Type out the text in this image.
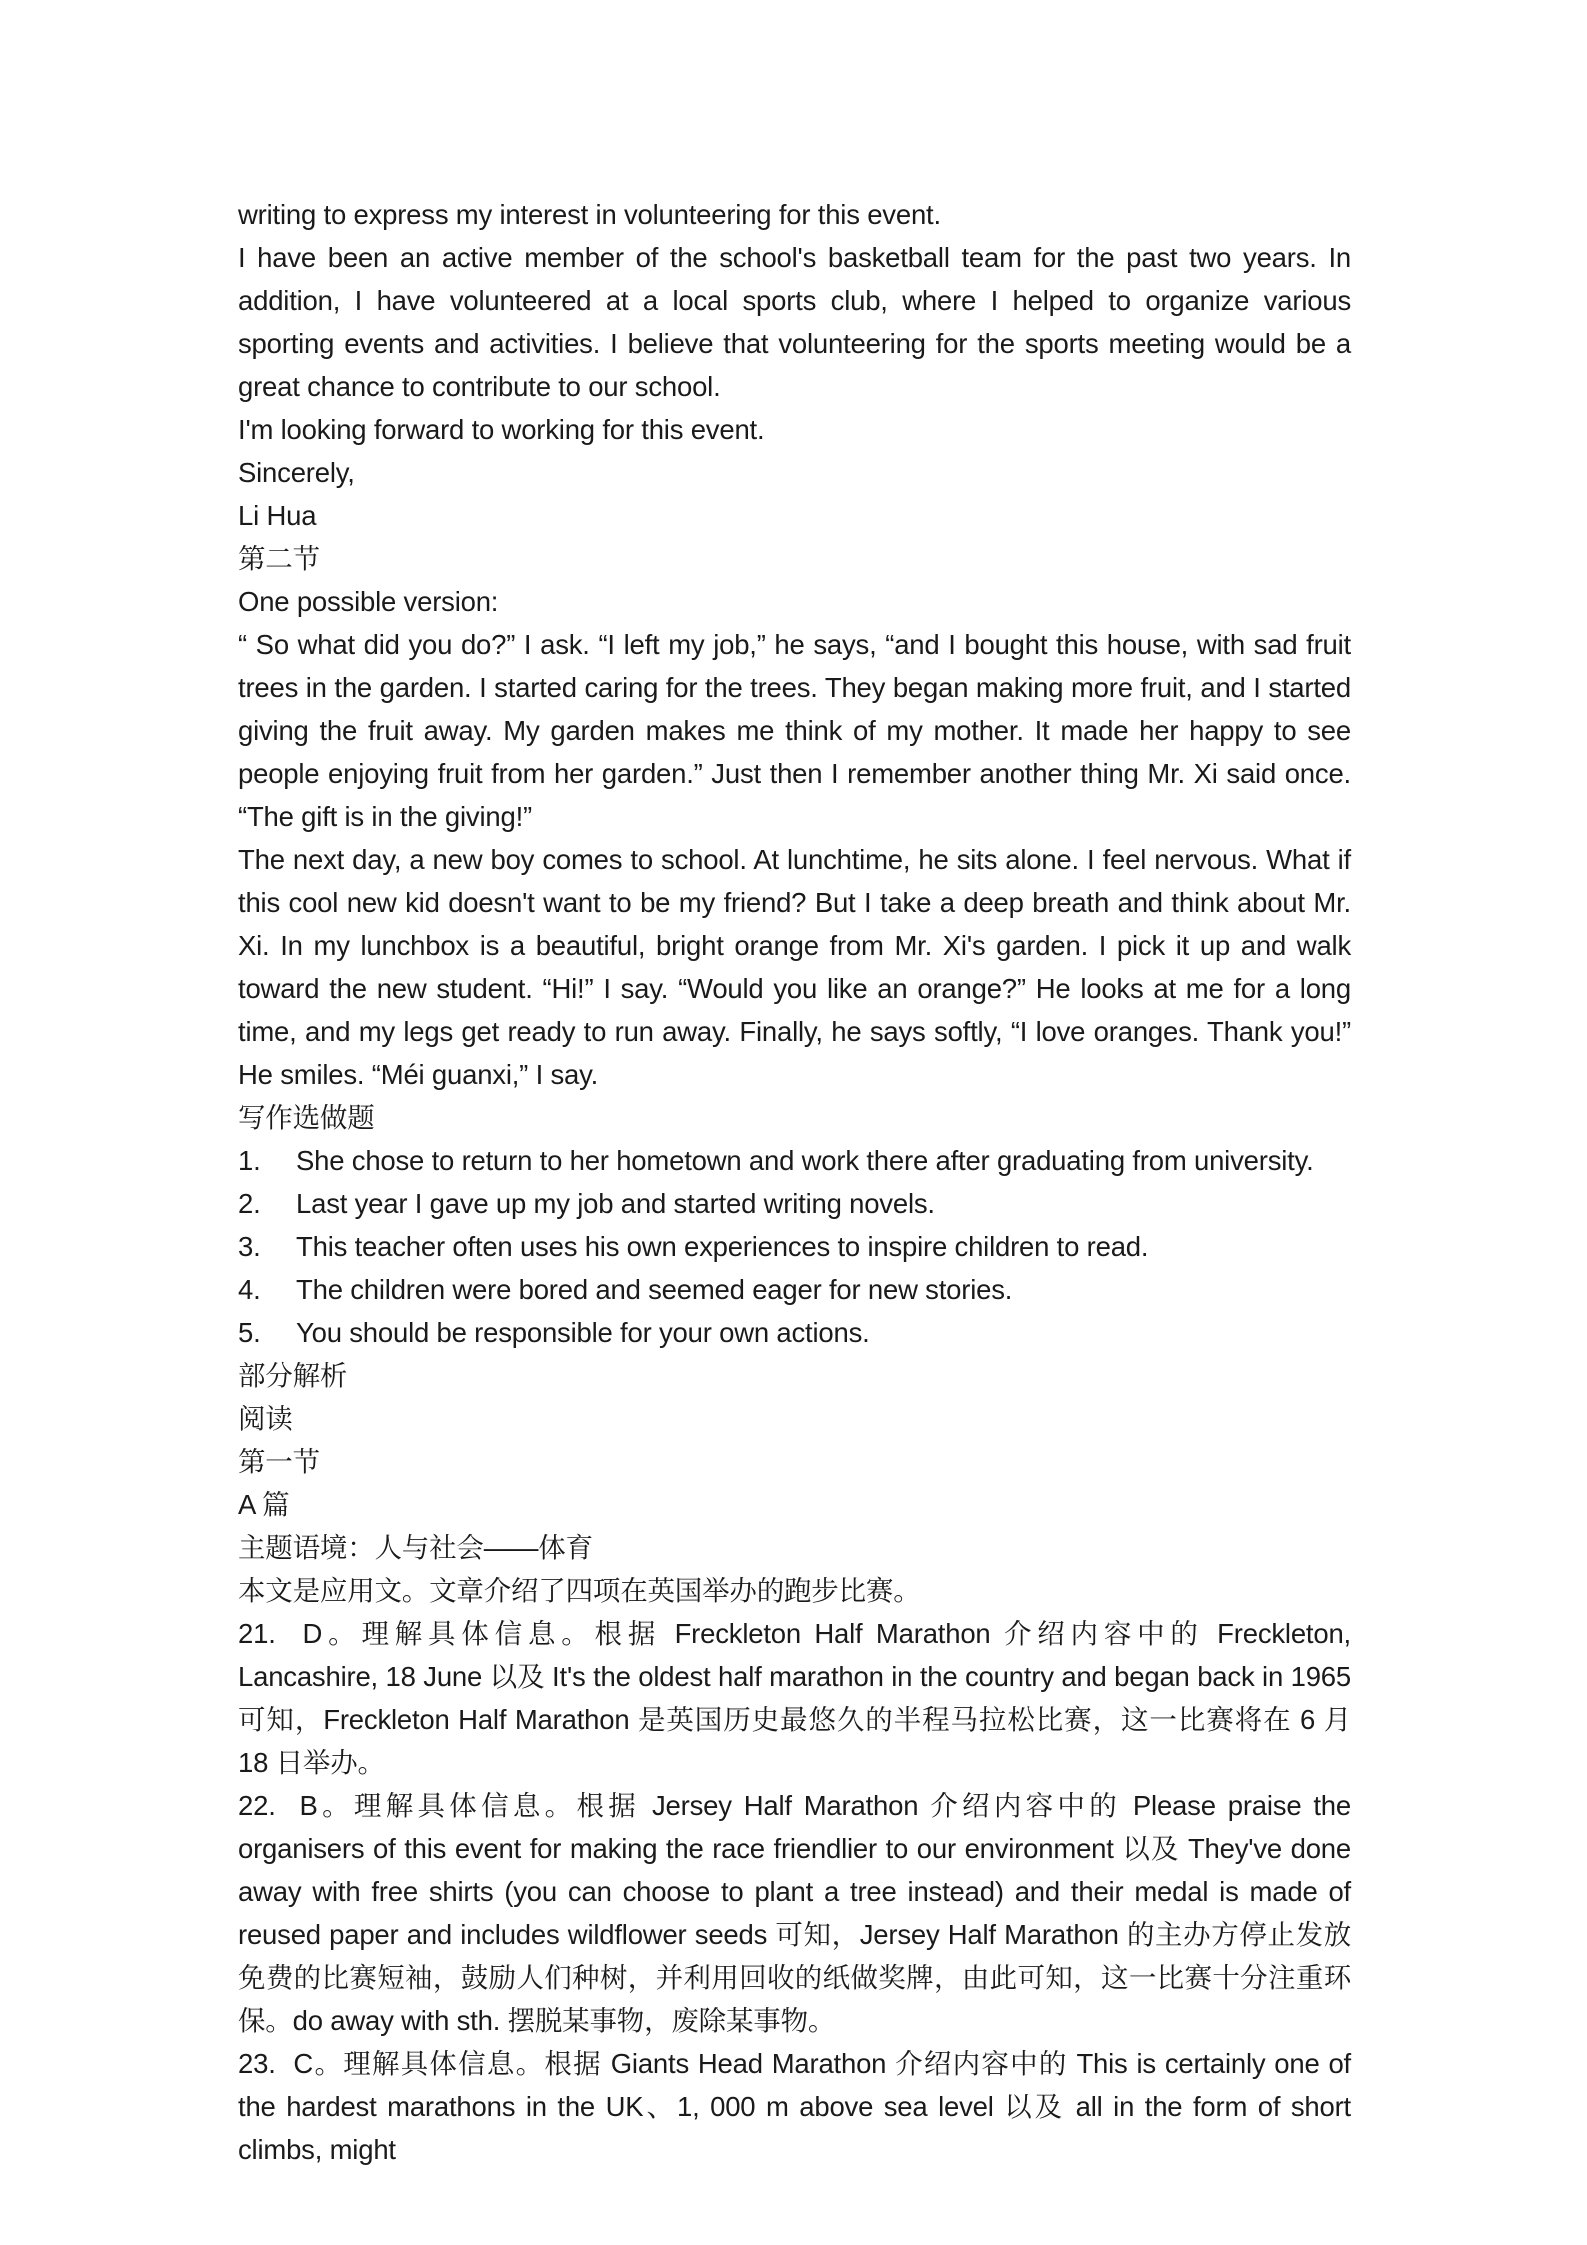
writing to express my interest in volunteering for this event.
I have been an active member of the school's basketball team for the past two years. In addition, I have volunteered at a local sports club, where I helped to organize various sporting events and activities. I believe that volunteering for the sports meeting would be a great chance to contribute to our school.
I'm looking forward to working for this event.
Sincerely,
Li Hua
第二节
One possible version:
“ So what did you do?” I ask. “I left my job,” he says, “and I bought this house, with sad fruit trees in the garden. I started caring for the trees. They began making more fruit, and I started giving the fruit away. My garden makes me think of my mother. It made her happy to see people enjoying fruit from her garden.” Just then I remember another thing Mr. Xi said once. “The gift is in the giving!”
The next day, a new boy comes to school. At lunchtime, he sits alone. I feel nervous. What if this cool new kid doesn't want to be my friend? But I take a deep breath and think about Mr. Xi. In my lunchbox is a beautiful, bright orange from Mr. Xi's garden. I pick it up and walk toward the new student. “Hi!” I say. “Would you like an orange?” He looks at me for a long time, and my legs get ready to run away. Finally, he says softly, “I love oranges. Thank you!” He smiles. “Méi guanxi,” I say.
写作选做题
1.	She chose to return to her hometown and work there after graduating from university.
2.	Last year I gave up my job and started writing novels.
3.	This teacher often uses his own experiences to inspire children to read.
4.	The children were bored and seemed eager for new stories.
5.	You should be responsible for your own actions.
部分解析
阅读
第一节
A 篇
主题语境：人与社会——体育
本文是应用文。文章介绍了四项在英国举办的跑步比赛。
21.  D。理解具体信息。根据 Freckleton Half Marathon 介绍内容中的 Freckleton, Lancashire, 18 June 以及 It's the oldest half marathon in the country and began back in 1965 可知，Freckleton Half Marathon 是英国历史最悠久的半程马拉松比赛，这一比赛将在 6 月 18 日举办。
22.  B。理解具体信息。根据 Jersey Half Marathon 介绍内容中的 Please praise the organisers of this event for making the race friendlier to our environment 以及 They've done away with free shirts (you can choose to plant a tree instead) and their medal is made of reused paper and includes wildflower seeds 可知，Jersey Half Marathon 的主办方停止发放免费的比赛短袖，鼓励人们种树，并利用回收的纸做奖牌，由此可知，这一比赛十分注重环保。do away with sth. 摆脱某事物，废除某事物。
23.  C。理解具体信息。根据 Giants Head Marathon 介绍内容中的 This is certainly one of the hardest marathons in the UK、1, 000 m above sea level 以及 all in the form of short climbs, might
